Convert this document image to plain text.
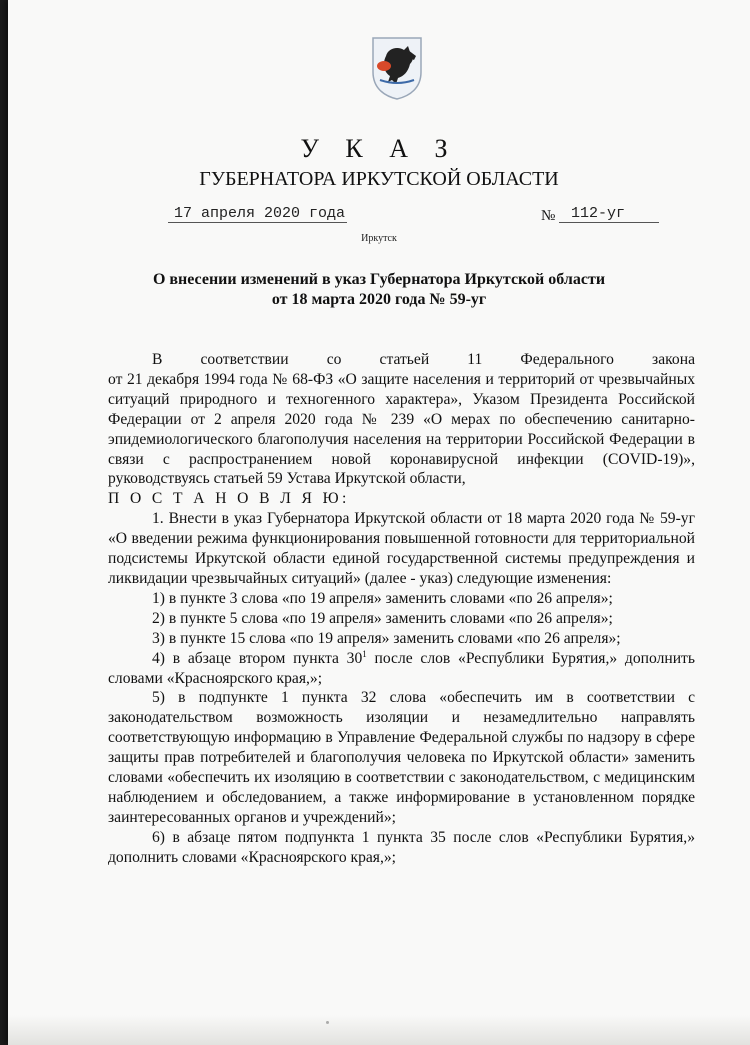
У К А З
ГУБЕРНАТОРА ИРКУТСКОЙ ОБЛАСТИ
17 апреля 2020 года	№	112-уг
Иркутск
О внесении изменений в указ Губернатора Иркутской области
от 18 марта 2020 года № 59-уг

В соответствии со статьей 11 Федерального закона

от 21 декабря 1994 года № 68-ФЗ «О защите населения и территорий от чрезвычайных ситуаций природного и техногенного характера», Указом Президента Российской Федерации от 2 апреля 2020 года № 239 «О мерах по обеспечению санитарно-эпидемиологического благополучия населения на территории Российской Федерации в связи с распространением новой коронавирусной инфекции (COVID-19)», руководствуясь статьей 59 Устава Иркутской области,

П О С Т А Н О В Л Я Ю:

1. Внести в указ Губернатора Иркутской области от 18 марта 2020 года № 59-уг «О введении режима функционирования повышенной готовности для территориальной подсистемы Иркутской области единой государственной системы предупреждения и ликвидации чрезвычайных ситуаций» (далее - указ) следующие изменения:

1) в пункте 3 слова «по 19 апреля» заменить словами «по 26 апреля»;

2) в пункте 5 слова «по 19 апреля» заменить словами «по 26 апреля»;

3) в пункте 15 слова «по 19 апреля» заменить словами «по 26 апреля»;

4) в абзаце втором пункта $30^1$ после слов «Республики Бурятия,» дополнить словами «Красноярского края,»;

5) в подпункте 1 пункта 32 слова «обеспечить им в соответствии с законодательством возможность изоляции и незамедлительно направлять соответствующую информацию в Управление Федеральной службы по надзору в сфере защиты прав потребителей и благополучия человека по Иркутской области» заменить словами «обеспечить их изоляцию в соответствии с законодательством, с медицинским наблюдением и обследованием, а также информирование в установленном порядке заинтересованных органов и учреждений»;

6) в абзаце пятом подпункта 1 пункта 35 после слов «Республики Бурятия,» дополнить словами «Красноярского края,»;
